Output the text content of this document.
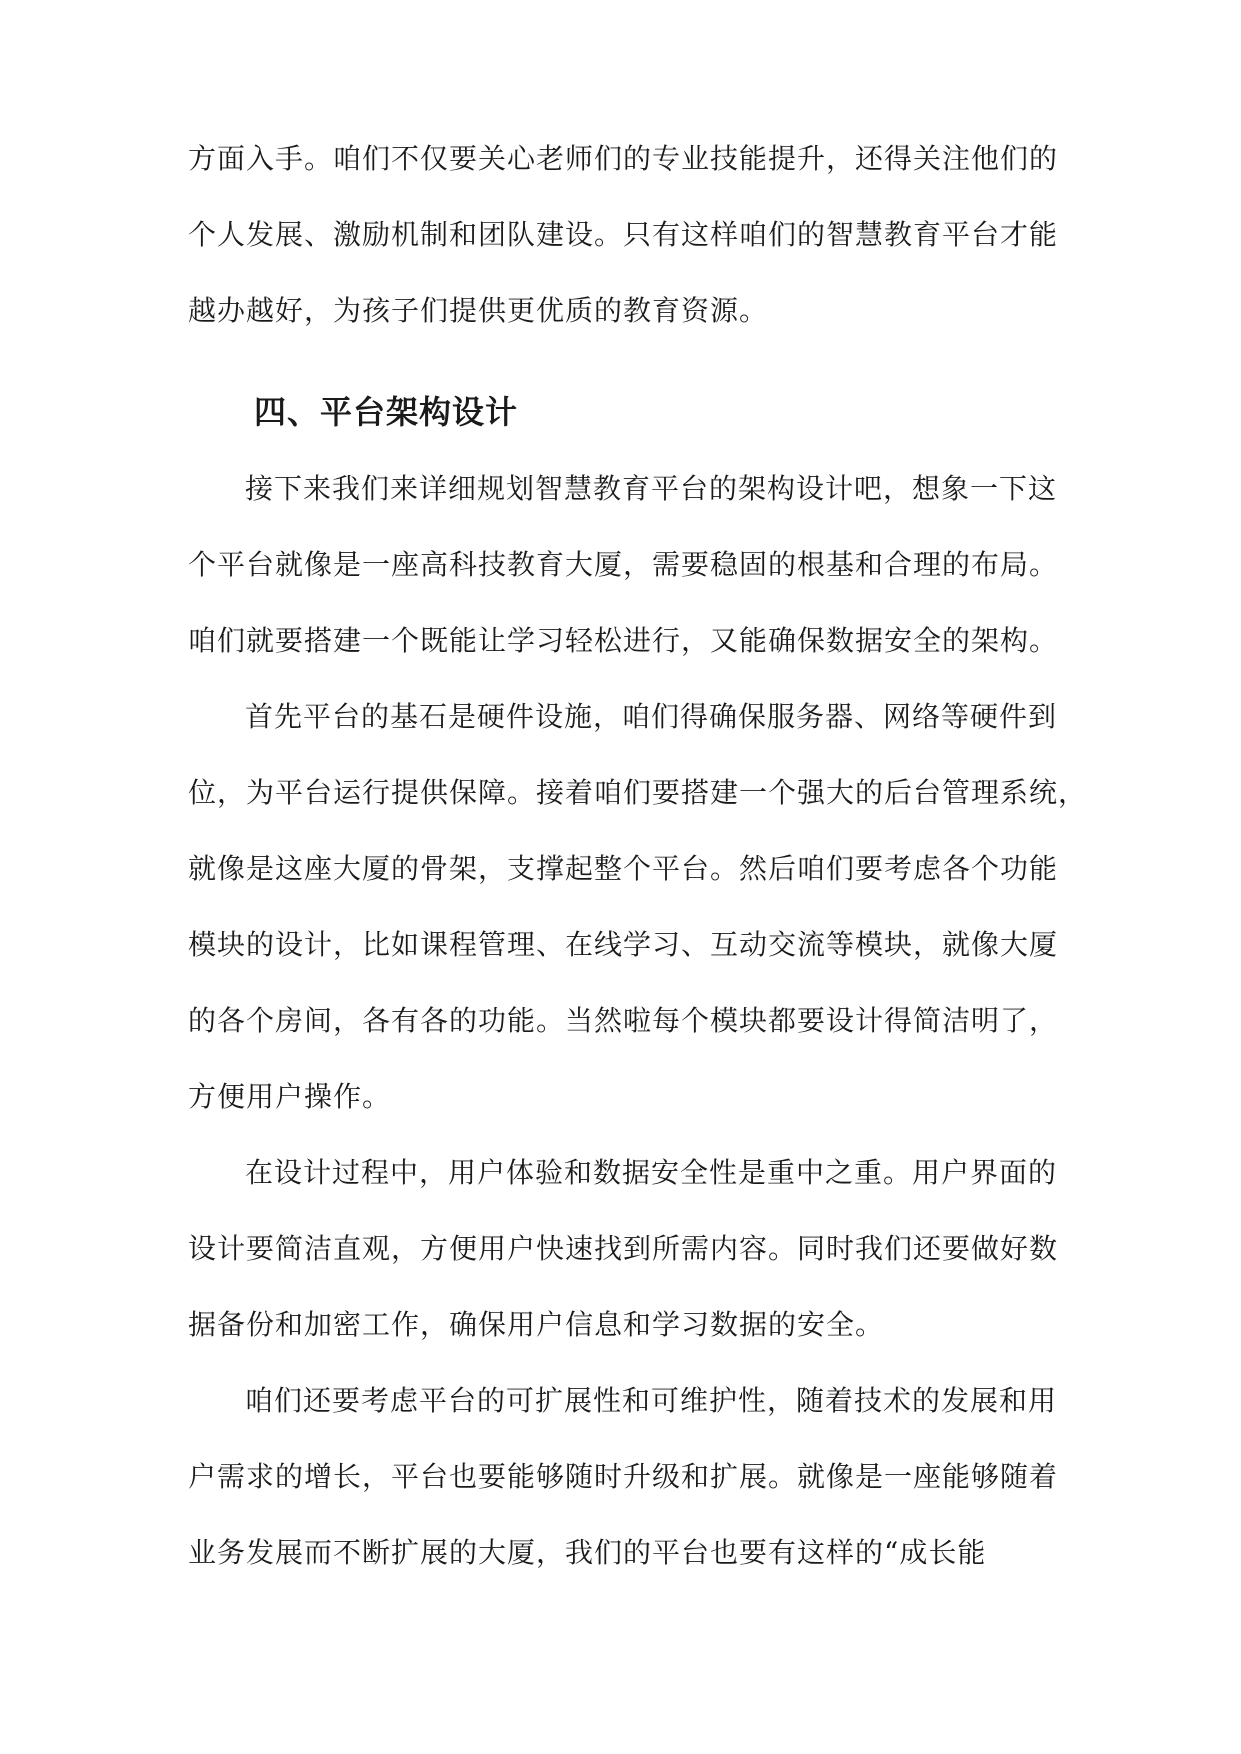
方面入手。咱们不仅要关心老师们的专业技能提升，还得关注他们的
个人发展、激励机制和团队建设。只有这样咱们的智慧教育平台才能
越办越好，为孩子们提供更优质的教育资源。
四、平台架构设计
接下来我们来详细规划智慧教育平台的架构设计吧，想象一下这
个平台就像是一座高科技教育大厦，需要稳固的根基和合理的布局。
咱们就要搭建一个既能让学习轻松进行，又能确保数据安全的架构。
首先平台的基石是硬件设施，咱们得确保服务器、网络等硬件到
位，为平台运行提供保障。接着咱们要搭建一个强大的后台管理系统，
就像是这座大厦的骨架，支撑起整个平台。然后咱们要考虑各个功能
模块的设计，比如课程管理、在线学习、互动交流等模块，就像大厦
的各个房间，各有各的功能。当然啦每个模块都要设计得简洁明了，
方便用户操作。
在设计过程中，用户体验和数据安全性是重中之重。用户界面的
设计要简洁直观，方便用户快速找到所需内容。同时我们还要做好数
据备份和加密工作，确保用户信息和学习数据的安全。
咱们还要考虑平台的可扩展性和可维护性，随着技术的发展和用
户需求的增长，平台也要能够随时升级和扩展。就像是一座能够随着
业务发展而不断扩展的大厦，我们的平台也要有这样的“成长能
